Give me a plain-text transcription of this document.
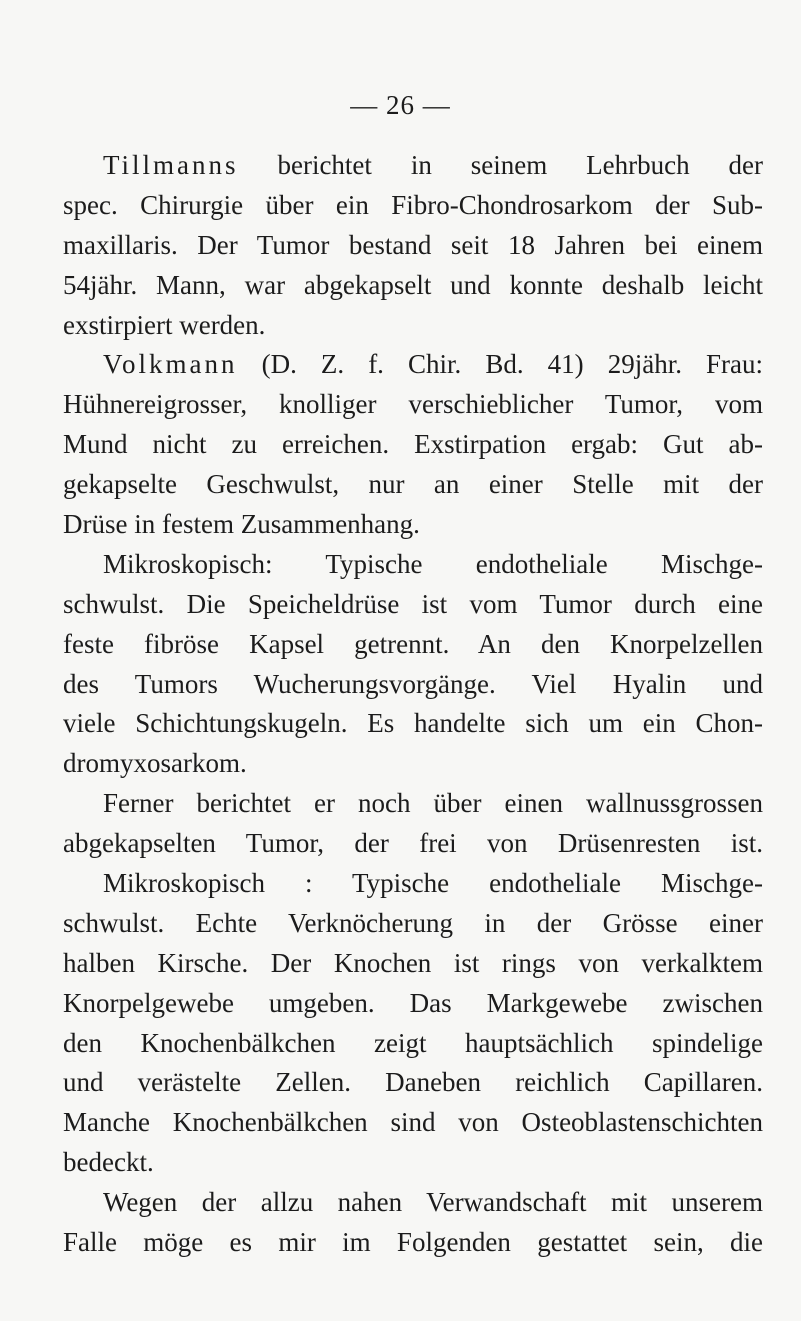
— 26 —
Tillmanns berichtet in seinem Lehrbuch der
spec. Chirurgie über ein Fibro-Chondrosarkom der Sub-
maxillaris. Der Tumor bestand seit 18 Jahren bei einem
54jähr. Mann, war abgekapselt und konnte deshalb leicht
exstirpiert werden.
Volkmann (D. Z. f. Chir. Bd. 41) 29jähr. Frau:
Hühnereigrosser, knolliger verschieblicher Tumor, vom
Mund nicht zu erreichen. Exstirpation ergab: Gut ab-
gekapselte Geschwulst, nur an einer Stelle mit der
Drüse in festem Zusammenhang.
Mikroskopisch: Typische endotheliale Mischge-
schwulst. Die Speicheldrüse ist vom Tumor durch eine
feste fibröse Kapsel getrennt. An den Knorpelzellen
des Tumors Wucherungsvorgänge. Viel Hyalin und
viele Schichtungskugeln. Es handelte sich um ein Chon-
dromyxosarkom.
Ferner berichtet er noch über einen wallnussgrossen
abgekapselten Tumor, der frei von Drüsenresten ist.
Mikroskopisch : Typische endotheliale Mischge-
schwulst. Echte Verknöcherung in der Grösse einer
halben Kirsche. Der Knochen ist rings von verkalktem
Knorpelgewebe umgeben. Das Markgewebe zwischen
den Knochenbälkchen zeigt hauptsächlich spindelige
und verästelte Zellen. Daneben reichlich Capillaren.
Manche Knochenbälkchen sind von Osteoblastenschichten
bedeckt.
Wegen der allzu nahen Verwandschaft mit unserem
Falle möge es mir im Folgenden gestattet sein, die
